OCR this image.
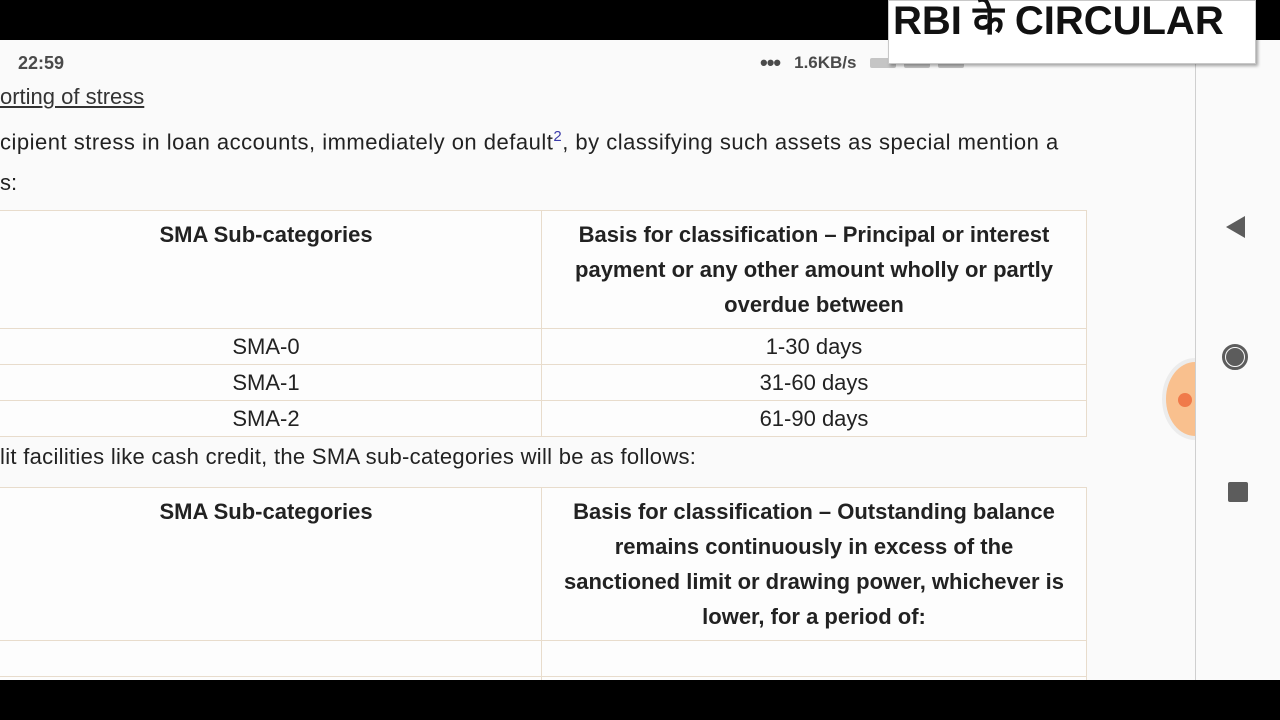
orting of stress
cipient stress in loan accounts, immediately on default$^2$, by classifying such assets as special mention a
s:
SMA Sub-categories	Basis for classification – Principal or interest payment or any other amount wholly or partly overdue between
SMA-0	1-30 days
SMA-1	31-60 days
SMA-2	61-90 days
lit facilities like cash credit, the SMA sub-categories will be as follows:
SMA Sub-categories	Basis for classification – Outstanding balance remains continuously in excess of the sanctioned limit or drawing power, whichever is lower, for a period of:

22:59	••• 1.6KB/s
RBI के CIRCULAR
